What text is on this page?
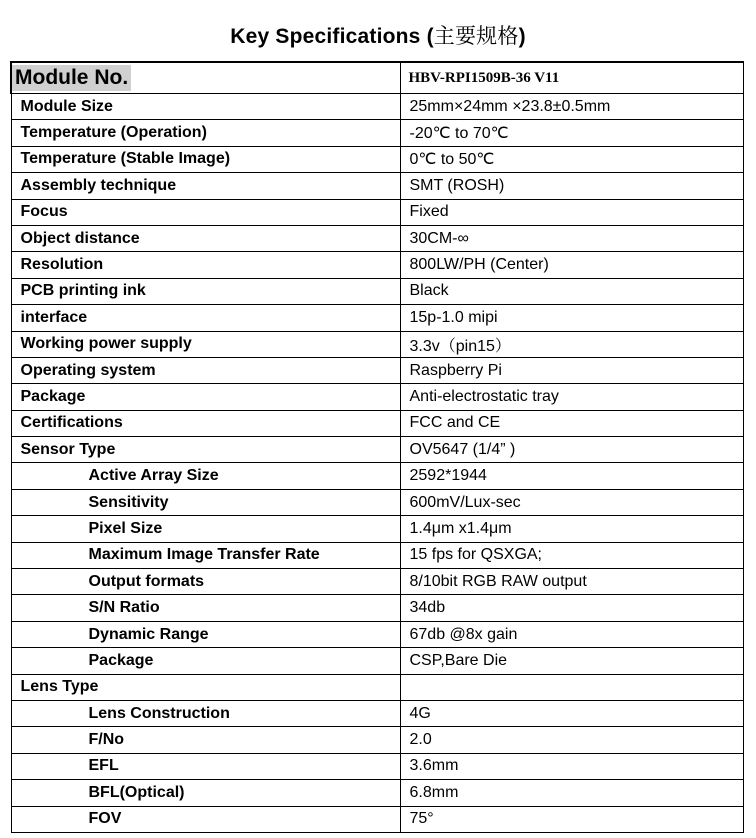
Key Specifications (主要规格)
Module No.	HBV-RPI1509B-36 V11
Module Size	25mm×24mm ×23.8±0.5mm
Temperature (Operation)	-20℃ to 70℃
Temperature (Stable Image)	0℃ to 50℃
Assembly technique	SMT (ROSH)
Focus	Fixed
Object distance	30CM-∞
Resolution	800LW/PH (Center)
PCB printing ink	Black
interface	15p-1.0 mipi
Working power supply	3.3v（pin15）
Operating system	Raspberry Pi
Package	Anti-electrostatic tray
Certifications	FCC and CE
Sensor Type	OV5647 (1/4” )
Active Array Size	2592*1944
Sensitivity	600mV/Lux-sec
Pixel Size	1.4μm x1.4μm
Maximum Image Transfer Rate	15 fps for QSXGA;
Output formats	8/10bit RGB RAW output
S/N Ratio	34db
Dynamic Range	67db @8x gain
Package	CSP,Bare Die
Lens Type	
Lens Construction	4G
F/No	2.0
EFL	3.6mm
BFL(Optical)	6.8mm
FOV	75°
